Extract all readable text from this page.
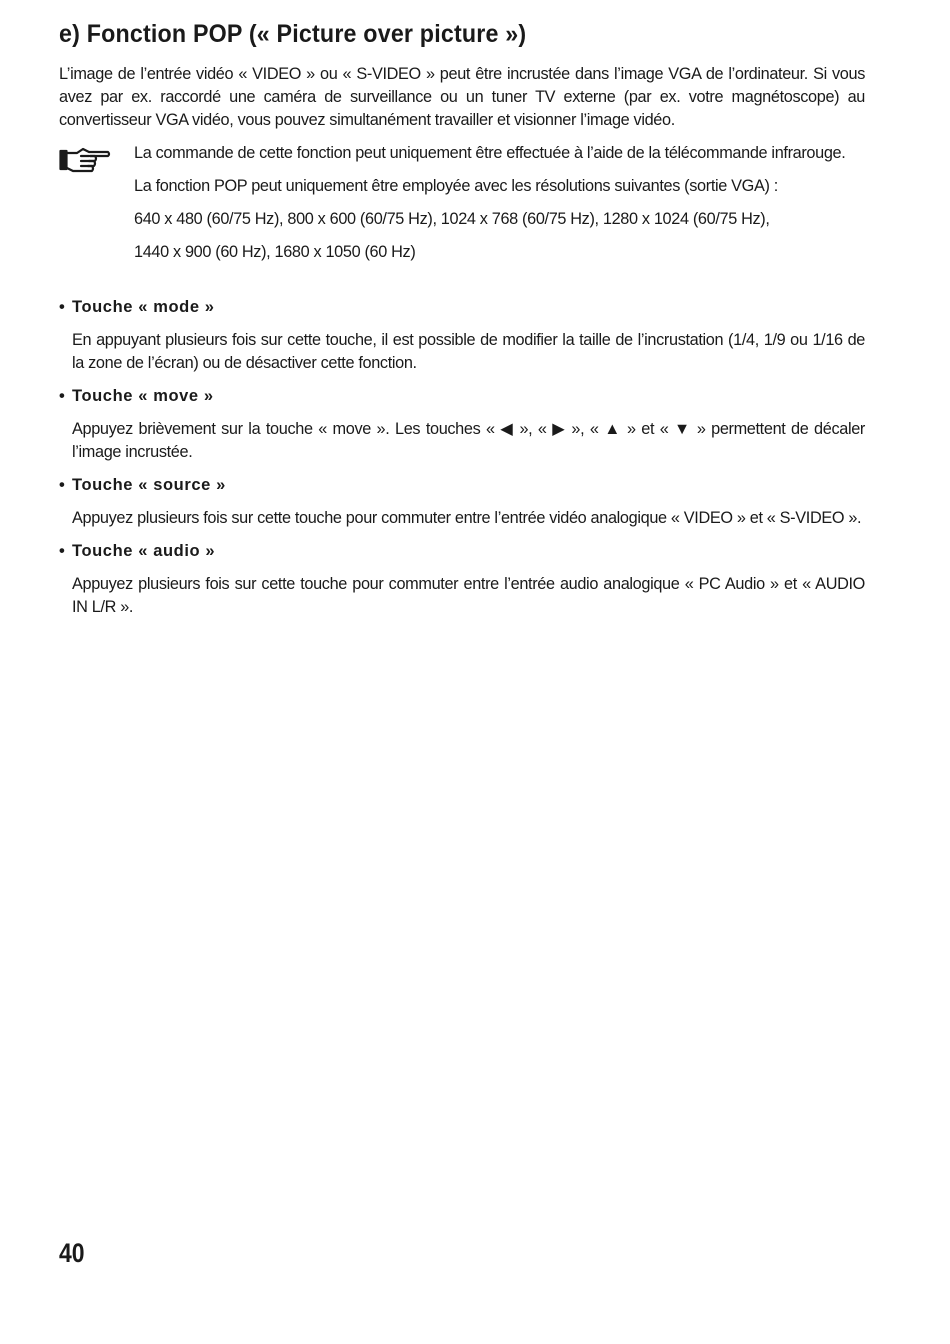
e) Fonction POP (« Picture over picture »)

L’image de l’entrée vidéo « VIDEO » ou « S-VIDEO » peut être incrustée dans l’image VGA de l’ordinateur. Si vous avez par ex. raccordé une caméra de surveillance ou un tuner TV externe (par ex. votre magnétoscope) au convertisseur VGA vidéo, vous pouvez simultanément travailler et visionner l’image vidéo.

La commande de cette fonction peut uniquement être effectuée à l’aide de la télécommande infrarouge.

La fonction POP peut uniquement être employée avec les résolutions suivantes (sortie VGA) :

640 x 480 (60/75 Hz), 800 x 600 (60/75 Hz), 1024 x 768 (60/75 Hz), 1280 x 1024 (60/75 Hz),

1440 x 900 (60 Hz), 1680 x 1050 (60 Hz)

• Touche « mode »

En appuyant plusieurs fois sur cette touche, il est possible de modifier la taille de l’incrustation (1/4, 1/9 ou 1/16 de la zone de l’écran) ou de désactiver cette fonction.

• Touche « move »

Appuyez brièvement sur la touche « move ». Les touches « ◀ », « ▶ », « ▲ » et « ▼ » permettent de décaler l’image incrustée.

• Touche « source »

Appuyez plusieurs fois sur cette touche pour commuter entre l’entrée vidéo analogique « VIDEO » et « S-VIDEO ».

• Touche « audio »

Appuyez plusieurs fois sur cette touche pour commuter entre l’entrée audio analogique « PC Audio » et « AUDIO IN L/R ».

40
